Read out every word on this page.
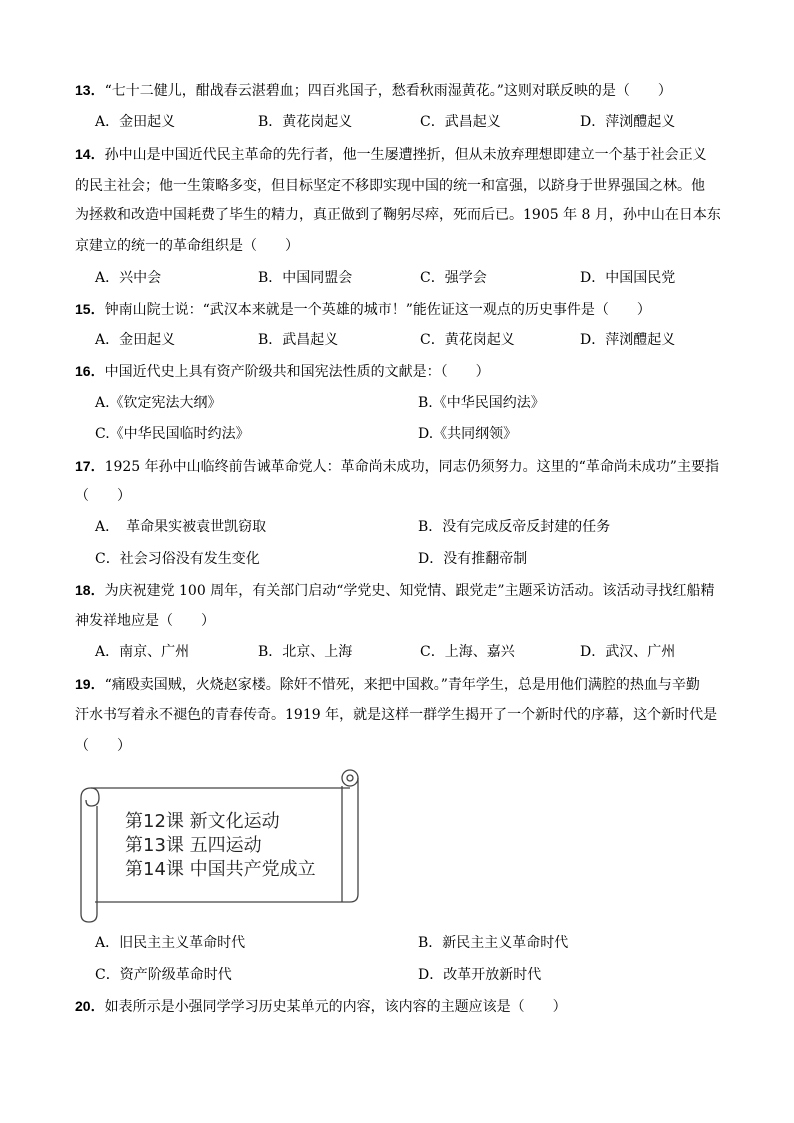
13．“七十二健儿，酣战春云湛碧血；四百兆国子，愁看秋雨湿黄花。”这则对联反映的是（　　）
A．金田起义	B．黄花岗起义	C．武昌起义	D．萍浏醴起义
14．孙中山是中国近代民主革命的先行者，他一生屡遭挫折，但从未放弃理想即建立一个基于社会正义
的民主社会；他一生策略多变，但目标坚定不移即实现中国的统一和富强，以跻身于世界强国之林。他
为拯救和改造中国耗费了毕生的精力，真正做到了鞠躬尽瘁，死而后已。1905 年 8 月，孙中山在日本东
京建立的统一的革命组织是（　　）
A．兴中会	B．中国同盟会	C．强学会	D．中国国民党
15．钟南山院士说：“武汉本来就是一个英雄的城市！”能佐证这一观点的历史事件是（　　）
A．金田起义	B．武昌起义	C．黄花岗起义	D．萍浏醴起义
16．中国近代史上具有资产阶级共和国宪法性质的文献是：（　　）
A.《钦定宪法大纲》	B.《中华民国约法》
C.《中华民国临时约法》	D.《共同纲领》
17．1925 年孙中山临终前告诫革命党人：革命尚未成功，同志仍须努力。这里的“革命尚未成功”主要指
（　　）
A．　革命果实被袁世凯窃取	B．没有完成反帝反封建的任务
C．社会习俗没有发生变化	D．没有推翻帝制
18．为庆祝建党 100 周年，有关部门启动“学党史、知党情、跟党走”主题采访活动。该活动寻找红船精
神发祥地应是（　　）
A．南京、广州	B．北京、上海	C．上海、嘉兴	D．武汉、广州
19．“痛殴卖国贼，火烧赵家楼。除奸不惜死，来把中国救。”青年学生，总是用他们满腔的热血与辛勤
汗水书写着永不褪色的青春传奇。1919 年，就是这样一群学生揭开了一个新时代的序幕，这个新时代是
（　　）
第12课 新文化运动
第13课 五四运动
第14课 中国共产党成立
A．旧民主主义革命时代	B．新民主主义革命时代
C．资产阶级革命时代	D．改革开放新时代
20．如表所示是小强同学学习历史某单元的内容，该内容的主题应该是（　　）
